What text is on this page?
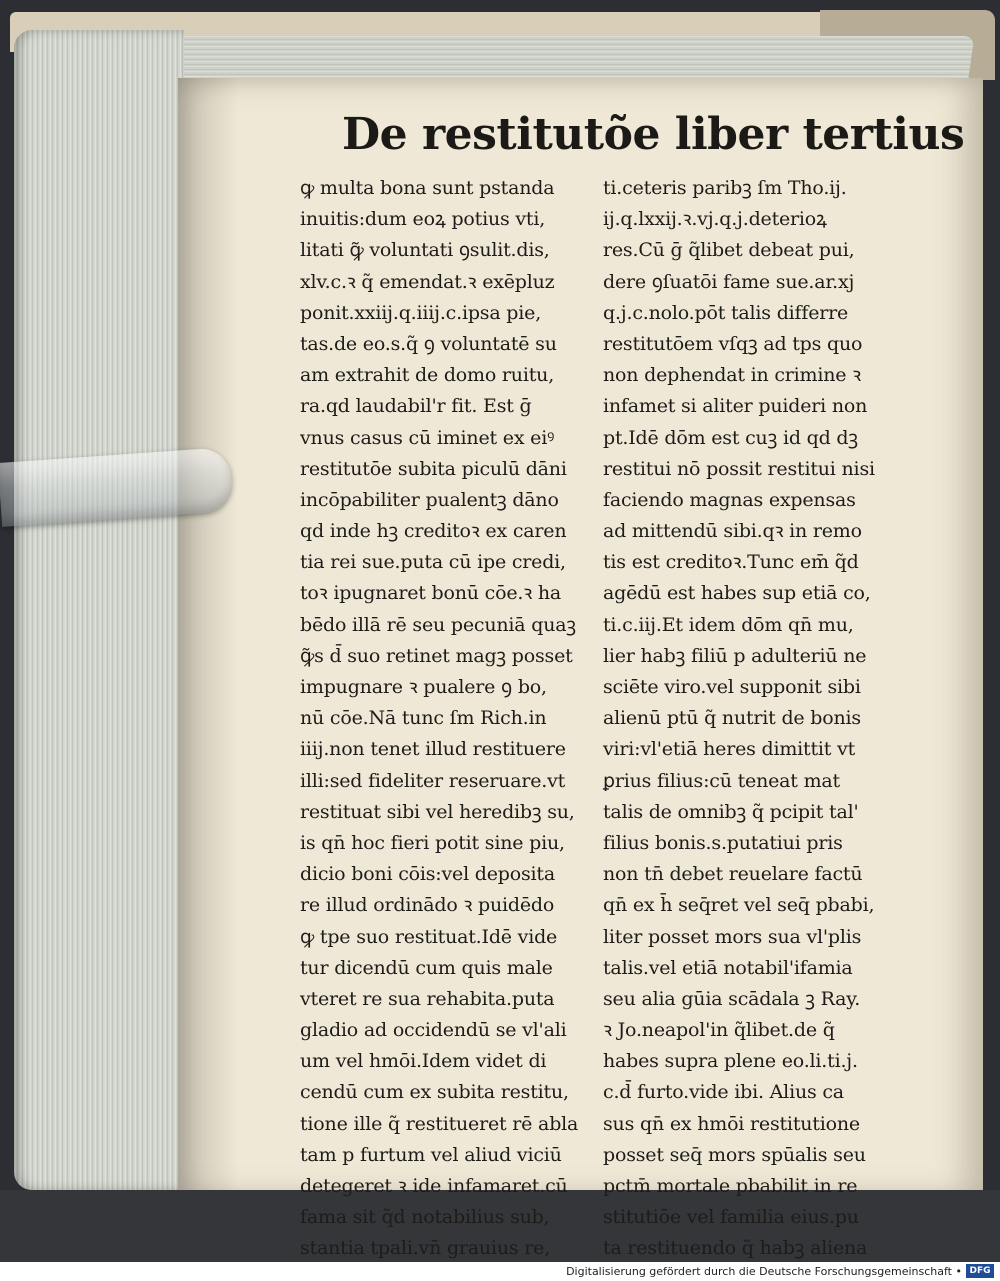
De restitutõe liber tertius
ꝙ multa bona sunt pstanda
inuitis:dum eoꝝ potius vti,
litati ꝙ̃ voluntati ꝯsulit.dis,
xlv.c.ꝛ q̃ emendat.ꝛ exēpluz
ponit.xxiij.q.iiij.c.ipsa pie,
tas.de eo.s.q̃ ꝯ voluntatē su
am extrahit de domo ruitu,
ra.qd laudabil'r fit. Est ḡ
vnus casus cū iminet ex eiꝰ
restitutōe subita piculū dāni
incōpabiliter pualentꝫ dāno
qd inde hꝫ creditoꝛ ex caren
tia rei sue.puta cū ipe credi,
toꝛ ipugnaret bonū cōe.ꝛ ha
bēdo illā rē seu pecuniā quaꝫ
ꝙ̃s d̄ suo retinet magꝫ posset
impugnare ꝛ pualere ꝯ bo,
nū cōe.Nā tunc ſm Rich.in
iiij.non tenet illud restituere
illi:sed fideliter reseruare.vt
restituat sibi vel heredibꝫ su,
is qn̄ hoc fieri potit sine piu,
dicio boni cōis:vel deposita
re illud ordinādo ꝛ puidēdo
ꝙ tpe suo restituat.Idē vide
tur dicendū cum quis male
vteret re sua rehabita.puta
gladio ad occidendū se vl'ali
um vel hmōi.Idem videt di
cendū cum ex subita restitu,
tione ille q̃ restitueret rē abla
tam p furtum vel aliud viciū
detegeret ꝛ ide infamaret.cū
fama sit q̃d notabilius sub,
stantia tpali.vn̄ grauius re,
ti.ceteris paribꝫ ſm Tho.ij.
ij.q.lxxij.ꝛ.vj.q.j.deterioꝝ
res.Cū ḡ q̃libet debeat pui,
dere ꝯſuatōi fame sue.ar.xj
q.j.c.nolo.pōt talis differre
restitutōem vſqꝫ ad tps quo
non dephendat in crimine ꝛ
infamet si aliter puideri non
pt.Idē dōm est cuꝫ id qd dꝫ
restitui nō possit restitui nisi
faciendo magnas expensas
ad mittendū sibi.qꝛ in remo
tis est creditoꝛ.Tunc em̄ q̃d
agēdū est habes sup etiā co,
ti.c.iij.Et idem dōm qn̄ mu,
lier habꝫ filiū p adulteriū ne
sciēte viro.vel supponit sibi
alienū ptū q̃ nutrit de bonis
viri:vl'etiā heres dimittit vt
ꝑrius filius:cū teneat mat
talis de omnibꝫ q̃ pcipit tal'
filius bonis.s.putatiui pris
non tn̄ debet reuelare factū
qn̄ ex h̄ seq̄ret vel seq̄ pbabi,
liter posset mors sua vl'plis
talis.vel etiā notabil'ifamia
seu alia gūia scādala ꝫ Ray.
ꝛ Jo.neapol'in q̃libet.de q̃
habes supra plene eo.li.ti.j.
c.d̄ furto.vide ibi. Alius ca
sus qn̄ ex hmōi restitutione
posset seq̄ mors spūalis seu
pctm̄ mortale pbabilit in re
stitutiōe vel familia eius.pu
ta restituendo q̃ habꝫ aliena
Digitalisierung gefördert durch die Deutsche Forschungsgemeinschaft • DFG
